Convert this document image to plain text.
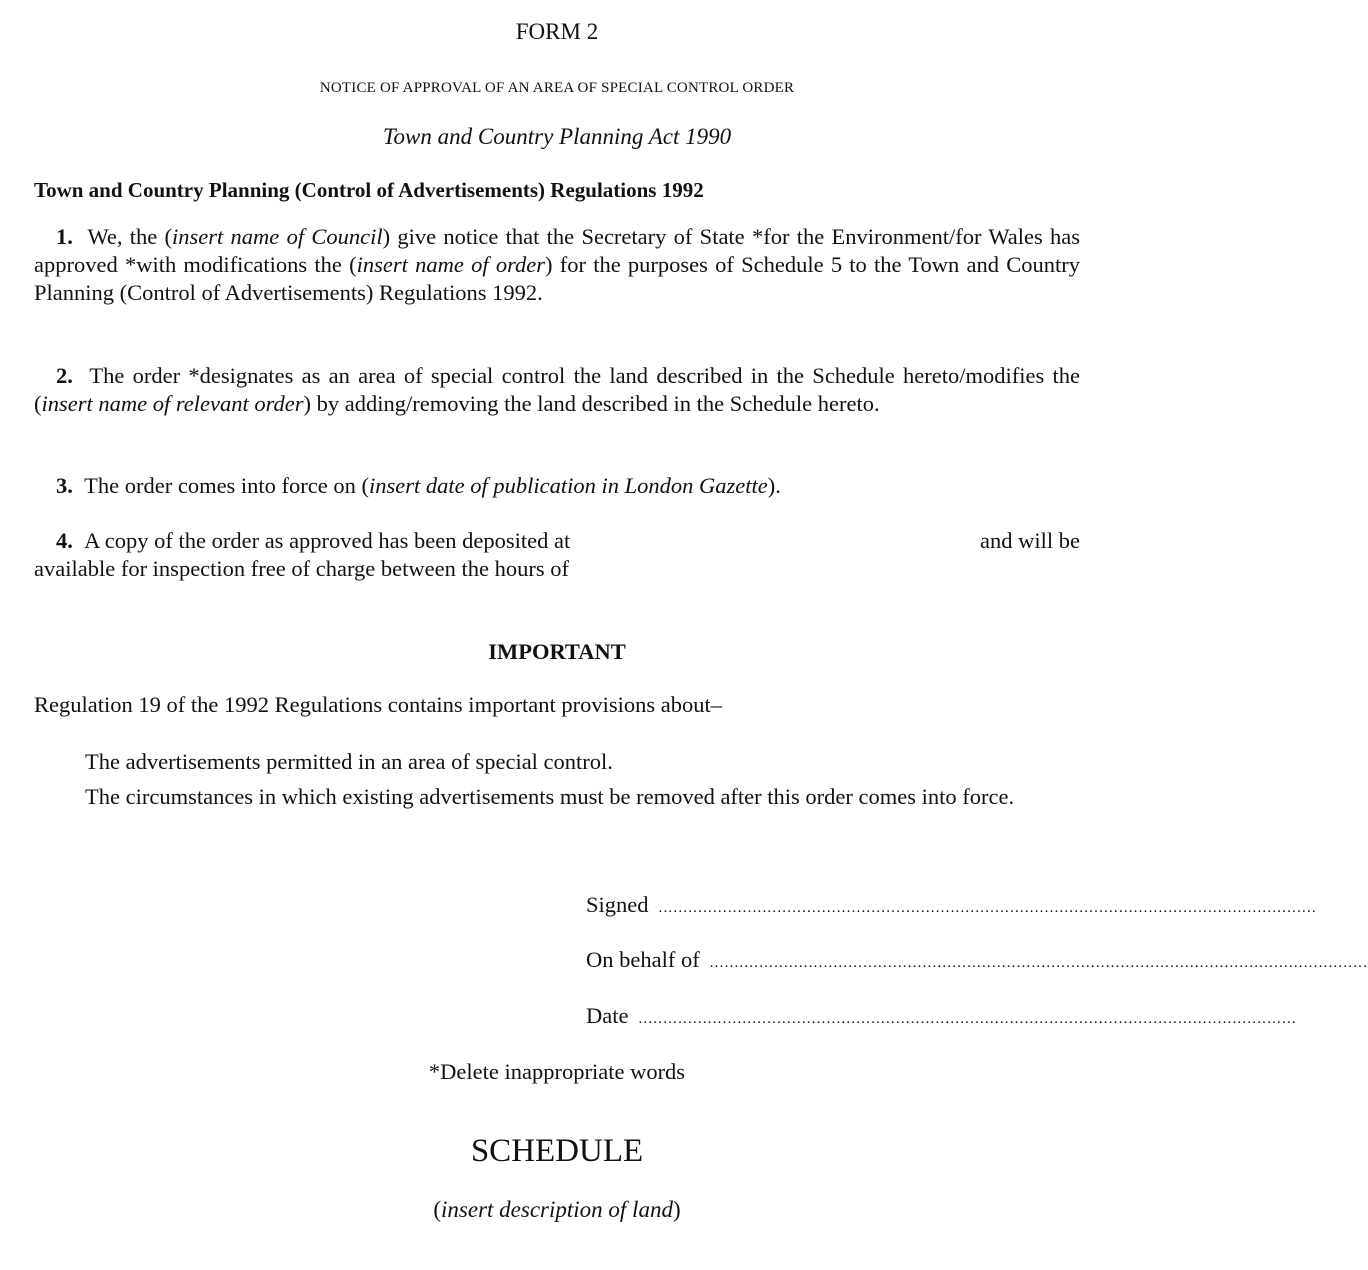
FORM 2
NOTICE OF APPROVAL OF AN AREA OF SPECIAL CONTROL ORDER
Town and Country Planning Act 1990
Town and Country Planning (Control of Advertisements) Regulations 1992
1. We, the (insert name of Council) give notice that the Secretary of State *for the Environment/for Wales has approved *with modifications the (insert name of order) for the purposes of Schedule 5 to the Town and Country Planning (Control of Advertisements) Regulations 1992.
2. The order *designates as an area of special control the land described in the Schedule hereto/modifies the (insert name of relevant order) by adding/removing the land described in the Schedule hereto.
3. The order comes into force on (insert date of publication in London Gazette).
4. A copy of the order as approved has been deposited at	and will be
available for inspection free of charge between the hours of
IMPORTANT
Regulation 19 of the 1992 Regulations contains important provisions about–
The advertisements permitted in an area of special control.
The circumstances in which existing advertisements must be removed after this order comes into force.
Signed .....................................................................................................................................
On behalf of .....................................................................................................................................
Date .....................................................................................................................................
*Delete inappropriate words
SCHEDULE
(insert description of land)
